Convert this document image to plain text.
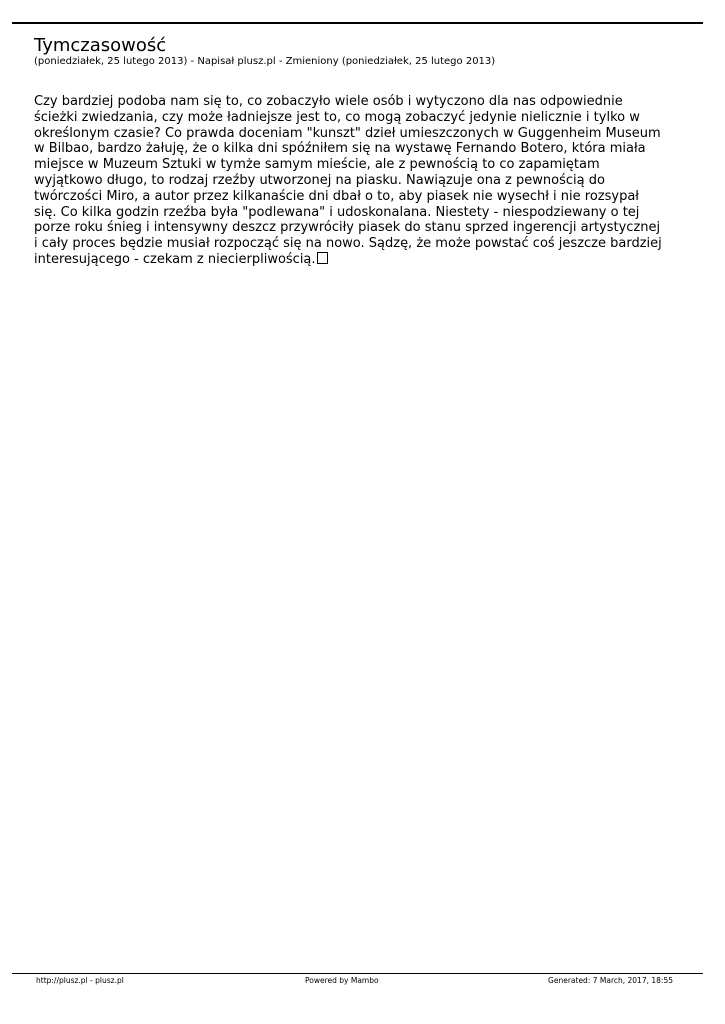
Tymczasowość

(poniedziałek, 25 lutego 2013) - Napisał plusz.pl - Zmieniony (poniedziałek, 25 lutego 2013)

Czy bardziej podoba nam się to, co zobaczyło wiele osób i wytyczono dla nas odpowiednie ścieżki zwiedzania, czy może ładniejsze jest to, co mogą zobaczyć jedynie nielicznie i tylko w określonym czasie? Co prawda doceniam "kunszt" dzieł umieszczonych w Guggenheim Museum w Bilbao, bardzo żałuję, że o kilka dni spóźniłem się na wystawę Fernando Botero, która miała miejsce w Muzeum Sztuki w tymże samym mieście, ale z pewnością to co zapamiętam wyjątkowo długo, to rodzaj rzeźby utworzonej na piasku. Nawiązuje ona z pewnością do twórczości Miro, a autor przez kilkanaście dni dbał o to, aby piasek nie wysechł i nie rozsypał się. Co kilka godzin rzeźba była "podlewana" i udoskonalana. Niestety - niespodziewany o tej porze roku śnieg i intensywny deszcz przywróciły piasek do stanu sprzed ingerencji artystycznej i cały proces będzie musiał rozpocząć się na nowo. Sądzę, że może powstać coś jeszcze bardziej interesującego - czekam z niecierpliwością.

http://plusz.pl - plusz.pl	Powered by Mambo	Generated: 7 March, 2017, 18:55
